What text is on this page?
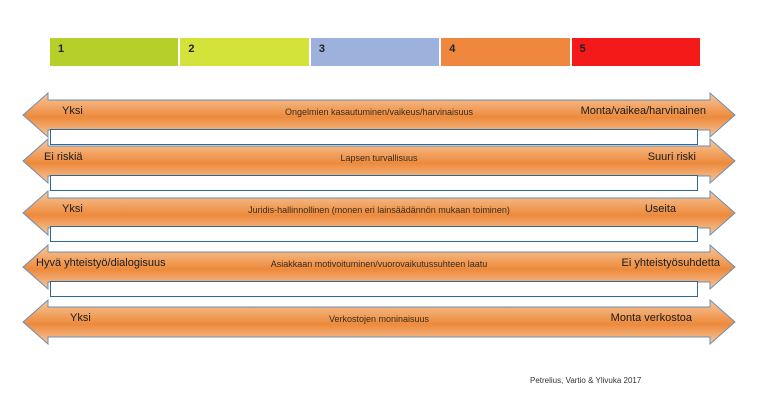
1	2	3	4	5
Yksi	Ongelmien kasautuminen/vaikeus/harvinaisuus	Monta/vaikea/harvinainen
Ei riskiä	Lapsen turvallisuus	Suuri riski
Yksi	Juridis-hallinnollinen (monen eri lainsäädännön mukaan toiminen)	Useita
Hyvä yhteistyö/dialogisuus	Asiakkaan motivoituminen/vuorovaikutussuhteen laatu	Ei yhteistyösuhdetta
Yksi	Verkostojen moninaisuus	Monta verkostoa
Petrelius, Vartio & Ylivuka 2017
